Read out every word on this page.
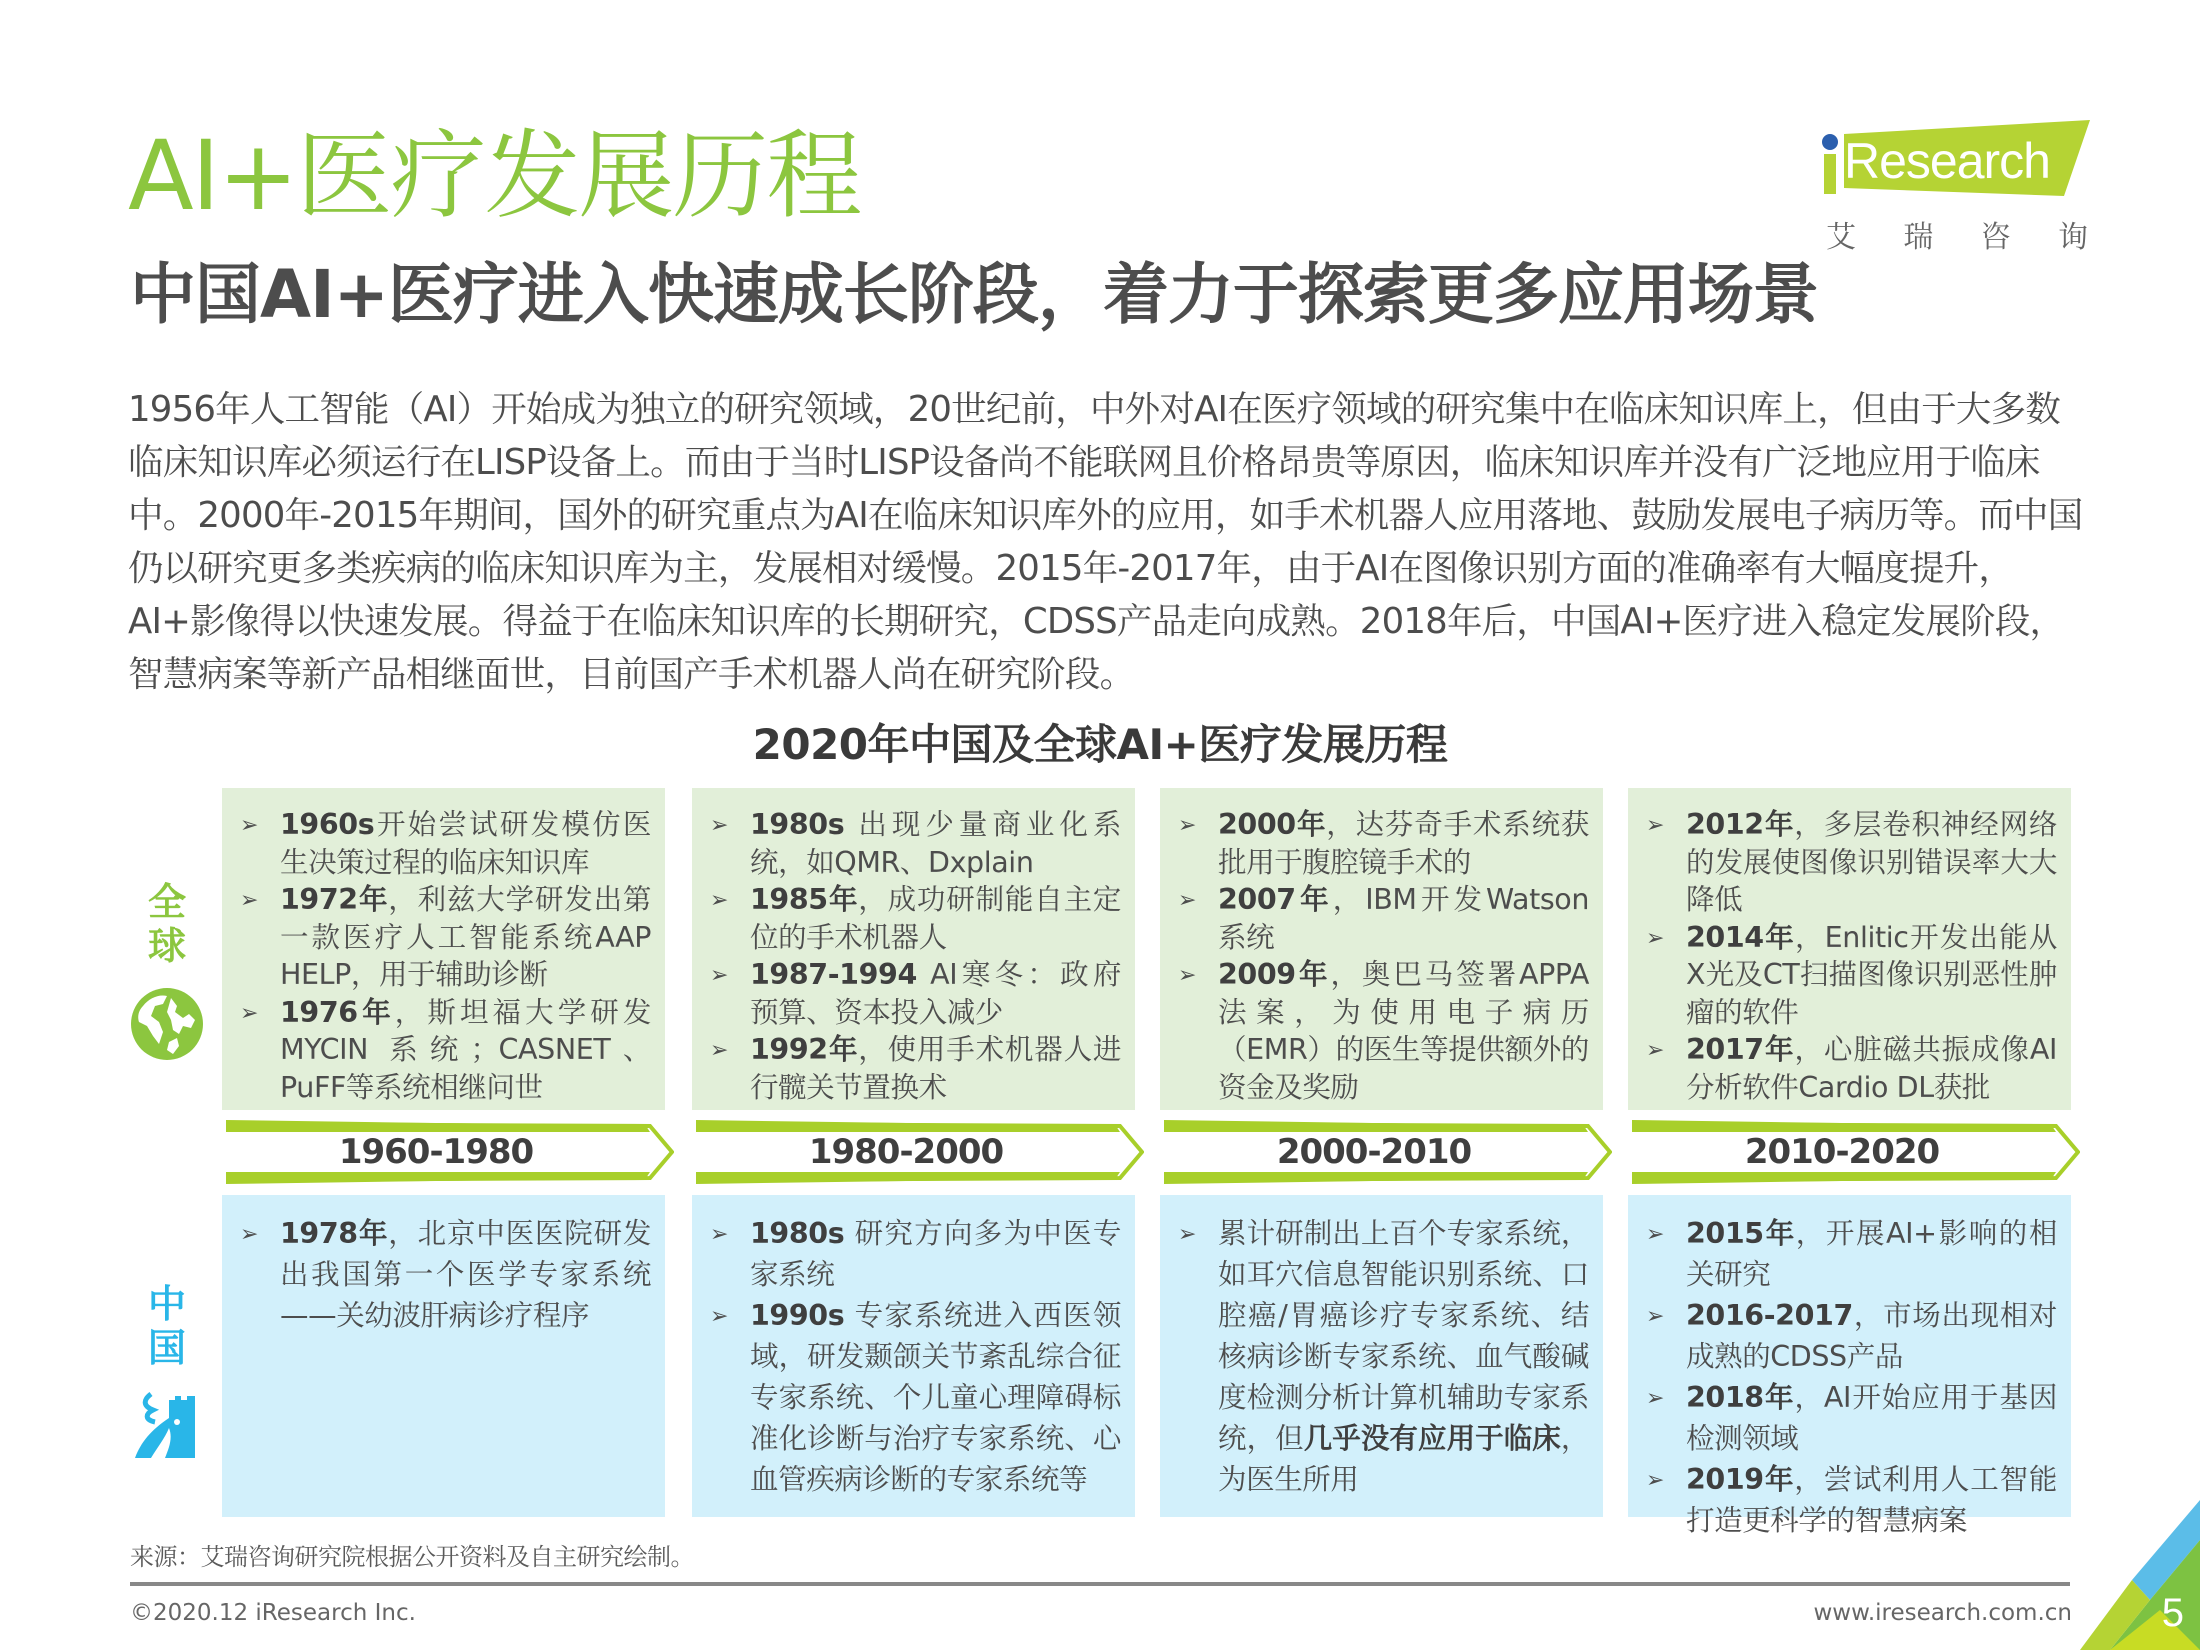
AI+医疗发展历程
中国AI+医疗进入快速成长阶段，着力于探索更多应用场景
Research
艾 瑞 咨 询

1956年人工智能（AI）开始成为独立的研究领域，20世纪前，中外对AI在医疗领域的研究集中在临床知识库上，但由于大多数临床知识库必须运行在LISP设备上。而由于当时LISP设备尚不能联网且价格昂贵等原因，临床知识库并没有广泛地应用于临床中。2000年-2015年期间，国外的研究重点为AI在临床知识库外的应用，如手术机器人应用落地、鼓励发展电子病历等。而中国仍以研究更多类疾病的临床知识库为主，发展相对缓慢。2015年-2017年，由于AI在图像识别方面的准确率有大幅度提升，AI+影像得以快速发展。得益于在临床知识库的长期研究，CDSS产品走向成熟。2018年后，中国AI+医疗进入稳定发展阶段，智慧病案等新产品相继面世，目前国产手术机器人尚在研究阶段。

2020年中国及全球AI+医疗发展历程
全
球
中
国
➢ 1960s开始尝试研发模仿医生决策过程的临床知识库
➢ 1972年，利兹大学研发出第一款医疗人工智能系统AAP HELP，用于辅助诊断
➢ 1976年，斯坦福大学研发MYCIN 系统；CASNET、PuFF等系统相继问世
➢ 1980s 出现少量商业化系统，如QMR、Dxplain
➢ 1985年，成功研制能自主定位的手术机器人
➢ 1987-1994 AI寒冬：政府预算、资本投入减少
➢ 1992年，使用手术机器人进行髋关节置换术
➢ 2000年，达芬奇手术系统获批用于腹腔镜手术的
➢ 2007年，IBM开发Watson系统
➢ 2009年，奥巴马签署APPA法案，为使用电子病历（EMR）的医生等提供额外的资金及奖励
➢ 2012年，多层卷积神经网络的发展使图像识别错误率大大降低
➢ 2014年，Enlitic开发出能从X光及CT扫描图像识别恶性肿瘤的软件
➢ 2017年，心脏磁共振成像AI分析软件Cardio DL获批
1960-1980	1980-2000	2000-2010	2010-2020
➢ 1978年，北京中医医院研发出我国第一个医学专家系统——关幼波肝病诊疗程序
➢ 1980s 研究方向多为中医专家系统
➢ 1990s 专家系统进入西医领域，研发颞颌关节紊乱综合征专家系统、个儿童心理障碍标准化诊断与治疗专家系统、心血管疾病诊断的专家系统等
➢ 累计研制出上百个专家系统，如耳穴信息智能识别系统、口腔癌/胃癌诊疗专家系统、结核病诊断专家系统、血气酸碱度检测分析计算机辅助专家系统，但几乎没有应用于临床，为医生所用
➢ 2015年，开展AI+影响的相关研究
➢ 2016-2017，市场出现相对成熟的CDSS产品
➢ 2018年，AI开始应用于基因检测领域
➢ 2019年，尝试利用人工智能打造更科学的智慧病案
来源：艾瑞咨询研究院根据公开资料及自主研究绘制。
©2020.12 iResearch Inc.	www.iresearch.com.cn 5
